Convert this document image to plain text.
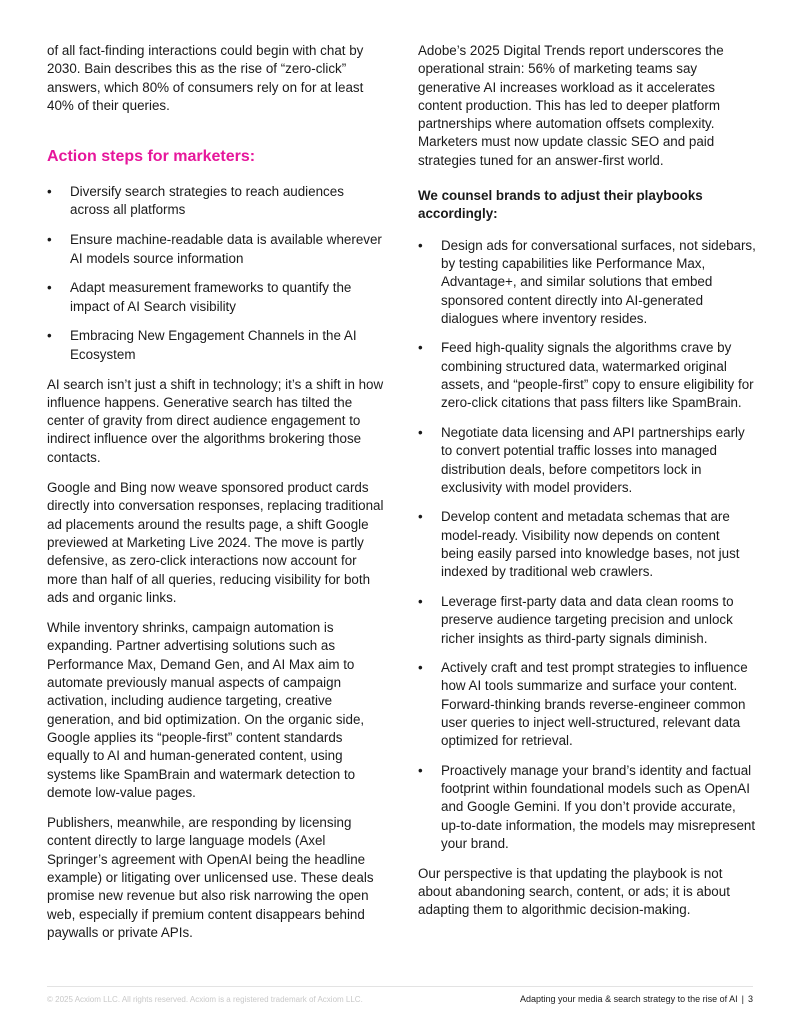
of all fact-finding interactions could begin with chat by 2030. Bain describes this as the rise of “zero-click” answers, which 80% of consumers rely on for at least 40% of their queries.

Action steps for marketers:
• Diversify search strategies to reach audiences across all platforms
• Ensure machine-readable data is available wherever AI models source information
• Adapt measurement frameworks to quantify the impact of AI Search visibility
• Embracing New Engagement Channels in the AI Ecosystem

AI search isn’t just a shift in technology; it’s a shift in how influence happens. Generative search has tilted the center of gravity from direct audience engagement to indirect influence over the algorithms brokering those contacts.

Google and Bing now weave sponsored product cards directly into conversation responses, replacing traditional ad placements around the results page, a shift Google previewed at Marketing Live 2024. The move is partly defensive, as zero-click interactions now account for more than half of all queries, reducing visibility for both ads and organic links.

While inventory shrinks, campaign automation is expanding. Partner advertising solutions such as Performance Max, Demand Gen, and AI Max aim to automate previously manual aspects of campaign activation, including audience targeting, creative generation, and bid optimization. On the organic side, Google applies its “people-first” content standards equally to AI and human-generated content, using systems like SpamBrain and watermark detection to demote low-value pages.

Publishers, meanwhile, are responding by licensing content directly to large language models (Axel Springer’s agreement with OpenAI being the headline example) or litigating over unlicensed use. These deals promise new revenue but also risk narrowing the open web, especially if premium content disappears behind paywalls or private APIs.

Adobe’s 2025 Digital Trends report underscores the operational strain: 56% of marketing teams say generative AI increases workload as it accelerates content production. This has led to deeper platform partnerships where automation offsets complexity. Marketers must now update classic SEO and paid strategies tuned for an answer-first world.

We counsel brands to adjust their playbooks accordingly:

• Design ads for conversational surfaces, not sidebars, by testing capabilities like Performance Max, Advantage+, and similar solutions that embed sponsored content directly into AI-generated dialogues where inventory resides.
• Feed high-quality signals the algorithms crave by combining structured data, watermarked original assets, and “people-first” copy to ensure eligibility for zero-click citations that pass filters like SpamBrain.
• Negotiate data licensing and API partnerships early to convert potential traffic losses into managed distribution deals, before competitors lock in exclusivity with model providers.
• Develop content and metadata schemas that are model-ready. Visibility now depends on content being easily parsed into knowledge bases, not just indexed by traditional web crawlers.
• Leverage first-party data and data clean rooms to preserve audience targeting precision and unlock richer insights as third-party signals diminish.
• Actively craft and test prompt strategies to influence how AI tools summarize and surface your content. Forward-thinking brands reverse-engineer common user queries to inject well-structured, relevant data optimized for retrieval.
• Proactively manage your brand’s identity and factual footprint within foundational models such as OpenAI and Google Gemini. If you don’t provide accurate, up-to-date information, the models may misrepresent your brand.

Our perspective is that updating the playbook is not about abandoning search, content, or ads; it is about adapting them to algorithmic decision-making.

© 2025 Acxiom LLC. All rights reserved. Acxiom is a registered trademark of Acxiom LLC.	Adapting your media & search strategy to the rise of AI | 3
